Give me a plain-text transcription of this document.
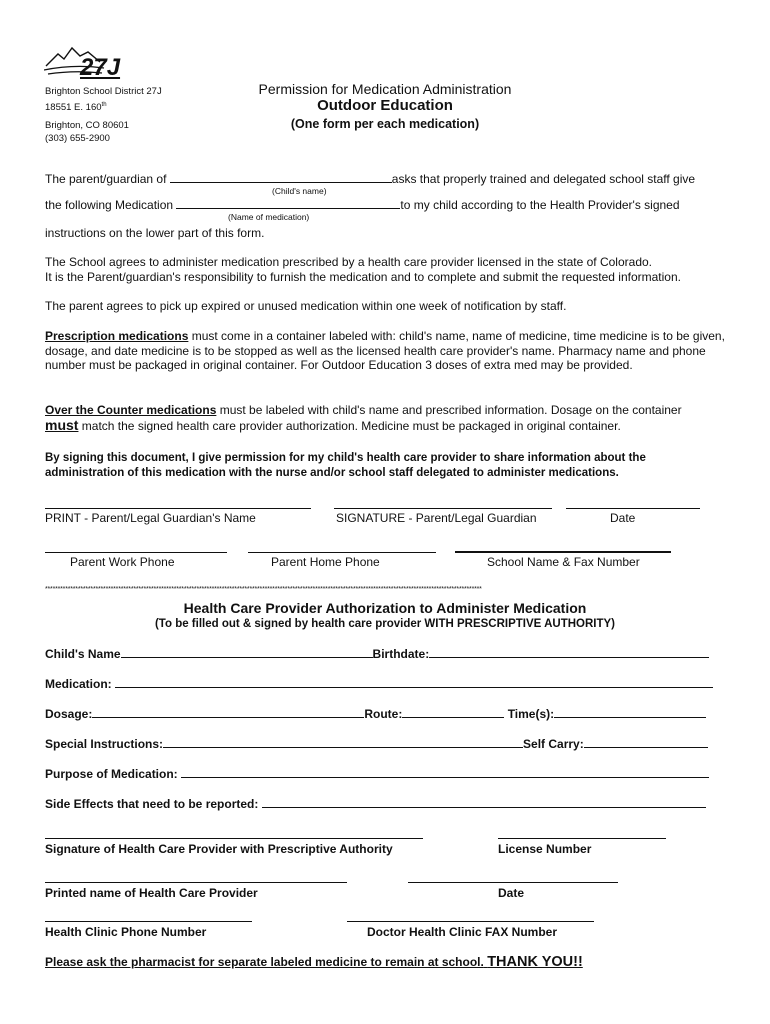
27J
Brighton School District 27J
18551 E. 160th
Brighton, CO 80601
(303) 655-2900
Permission for Medication Administration
Outdoor Education
(One form per each medication)
The parent/guardian of	asks that properly trained and delegated school staff give
(Child's name)
the following Medication	to my child according to the Health Provider's signed
(Name of medication)
instructions on the lower part of this form.
The School agrees to administer medication prescribed by a health care provider licensed in the state of Colorado.
It is the Parent/guardian's responsibility to furnish the medication and to complete and submit the requested information.
The parent agrees to pick up expired or unused medication within one week of notification by staff.
Prescription medications must come in a container labeled with: child's name, name of medicine, time medicine is to be given, dosage, and date medicine is to be stopped as well as the licensed health care provider's name. Pharmacy name and phone number must be packaged in original container. For Outdoor Education 3 doses of extra med may be provided.
Over the Counter medications must be labeled with child's name and prescribed information. Dosage on the container
must match the signed health care provider authorization. Medicine must be packaged in original container.
By signing this document, I give permission for my child's health care provider to share information about the administration of this medication with the nurse and/or school staff delegated to administer medications.
PRINT - Parent/Legal Guardian's Name	SIGNATURE - Parent/Legal Guardian	Date
Parent Work Phone	Parent Home Phone	School Name & Fax Number
*****************************************************************************************************************************************************************************
Health Care Provider Authorization to Administer Medication
(To be filled out & signed by health care provider WITH PRESCRIPTIVE AUTHORITY)
Child's Name	Birthdate:
Medication:
Dosage:	Route:	Time(s):
Special Instructions:	Self Carry:
Purpose of Medication:
Side Effects that need to be reported:
Signature of Health Care Provider with Prescriptive Authority	License Number
Printed name of Health Care Provider	Date
Health Clinic Phone Number	Doctor Health Clinic FAX Number
Please ask the pharmacist for separate labeled medicine to remain at school. THANK YOU!!
